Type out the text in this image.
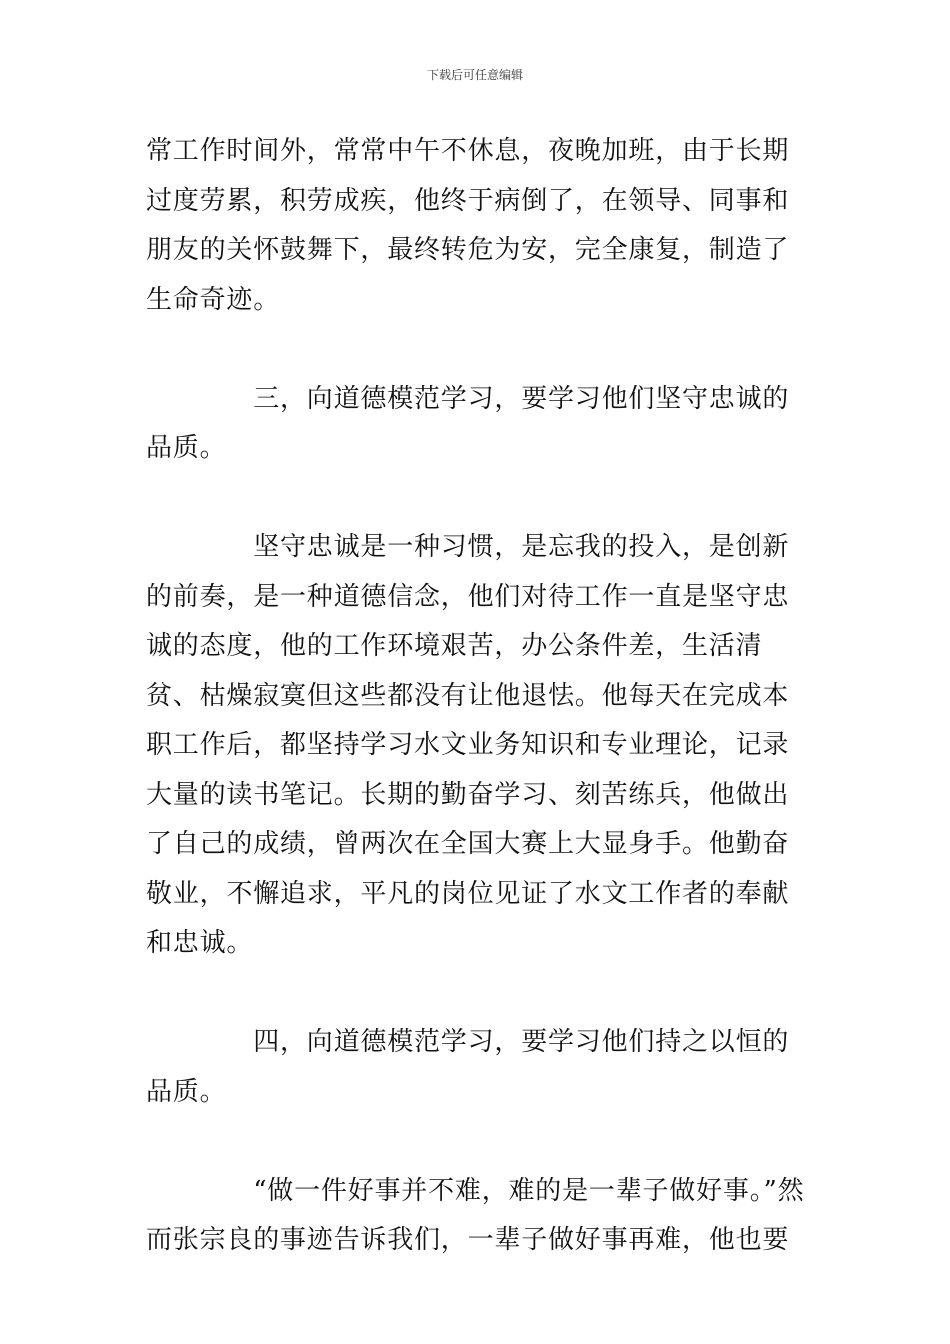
下载后可任意编辑

常工作时间外，常常中午不休息，夜晚加班，由于长期过度劳累，积劳成疾，他终于病倒了，在领导、同事和朋友的关怀鼓舞下，最终转危为安，完全康复，制造了生命奇迹。

　　　　三，向道德模范学习，要学习他们坚守忠诚的品质。

　　　　坚守忠诚是一种习惯，是忘我的投入，是创新的前奏，是一种道德信念，他们对待工作一直是坚守忠诚的态度，他的工作环境艰苦，办公条件差，生活清贫、枯燥寂寞但这些都没有让他退怯。他每天在完成本职工作后，都坚持学习水文业务知识和专业理论，记录大量的读书笔记。长期的勤奋学习、刻苦练兵，他做出了自己的成绩，曾两次在全国大赛上大显身手。他勤奋敬业，不懈追求，平凡的岗位见证了水文工作者的奉献和忠诚。

　　　　四，向道德模范学习，要学习他们持之以恒的品质。

　　　　“做一件好事并不难，难的是一辈子做好事。”然而张宗良的事迹告诉我们，一辈子做好事再难，他也要
